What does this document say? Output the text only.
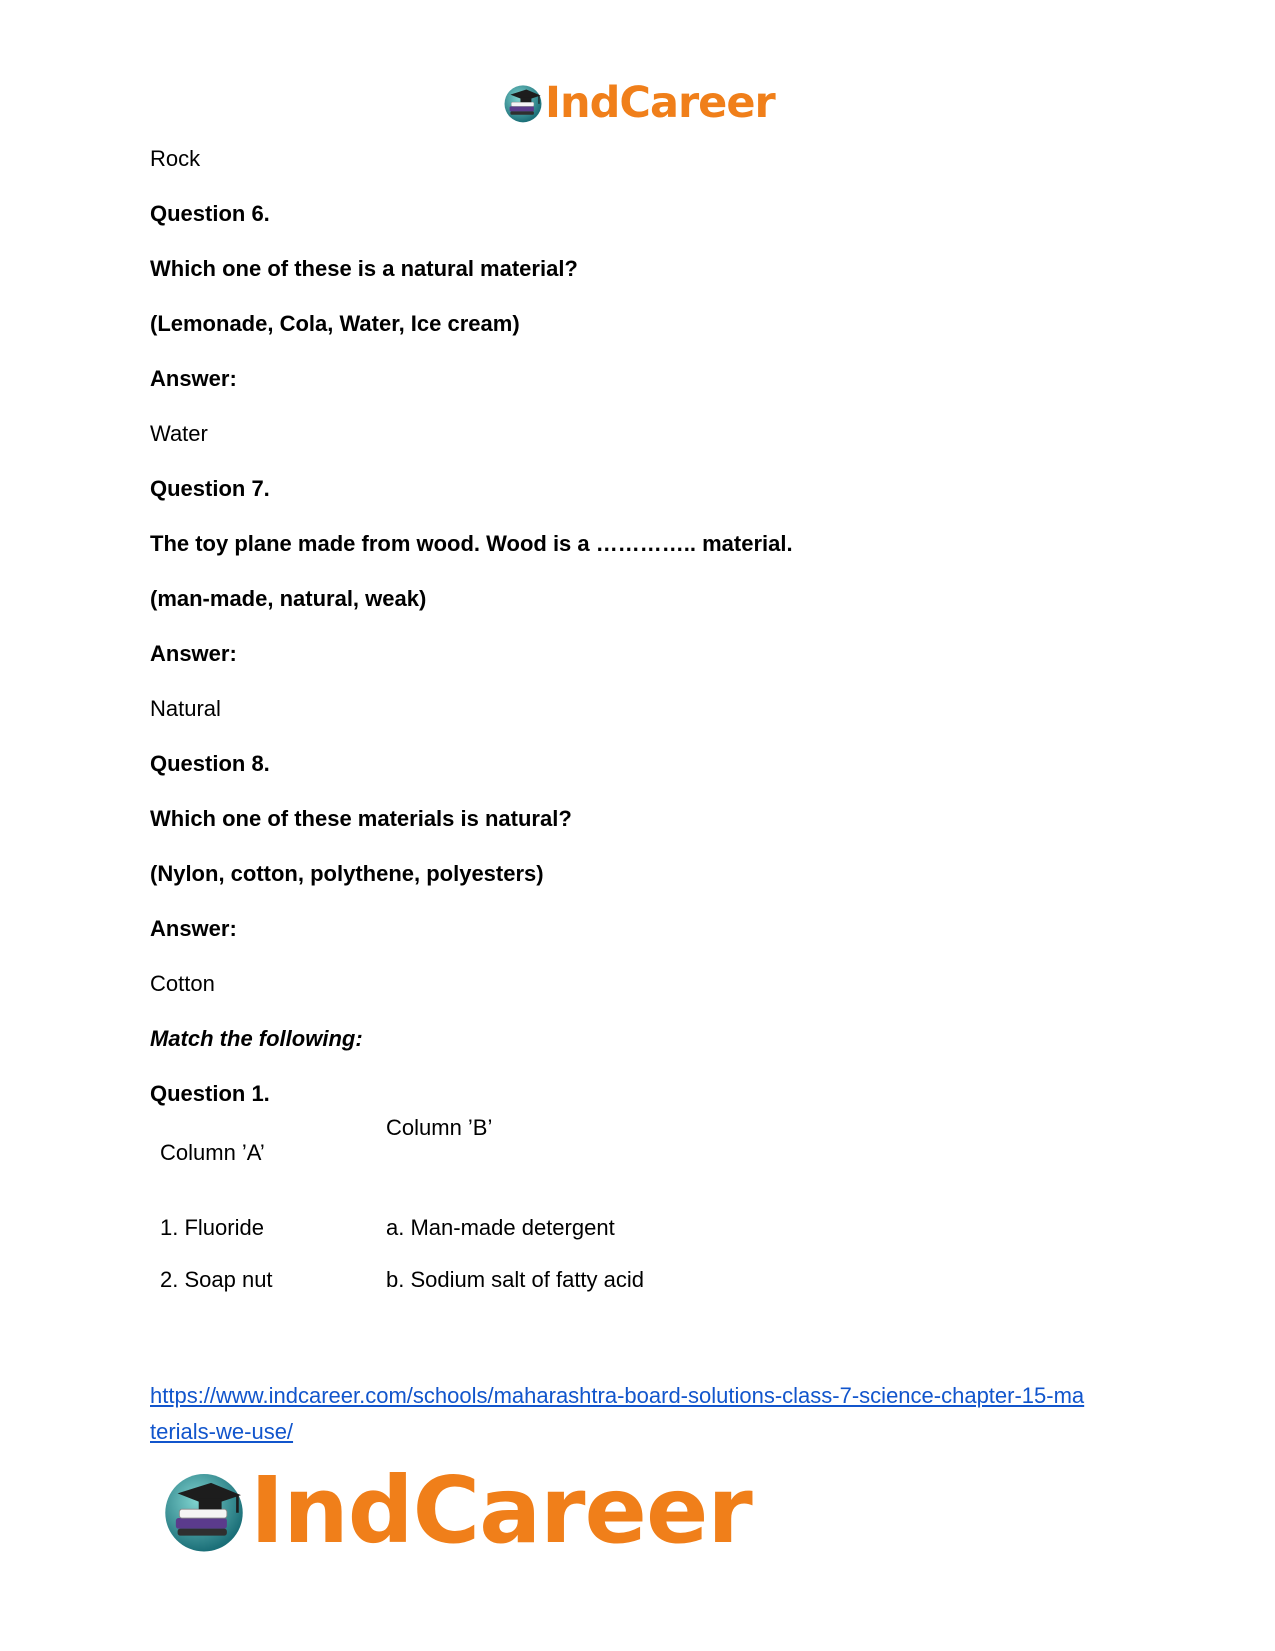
IndCareer
Rock
Question 6.
Which one of these is a natural material?
(Lemonade, Cola, Water, Ice cream)
Answer:
Water
Question 7.
The toy plane made from wood. Wood is a ………….. material.
(man-made, natural, weak)
Answer:
Natural
Question 8.
Which one of these materials is natural?
(Nylon, cotton, polythene, polyesters)
Answer:
Cotton
Match the following:
Question 1.
Column ’A’
Column ’B’
1. Fluoride	a. Man-made detergent
2. Soap nut	b. Sodium salt of fatty acid
https://www.indcareer.com/schools/maharashtra-board-solutions-class-7-science-chapter-15-ma
terials-we-use/
IndCareer
